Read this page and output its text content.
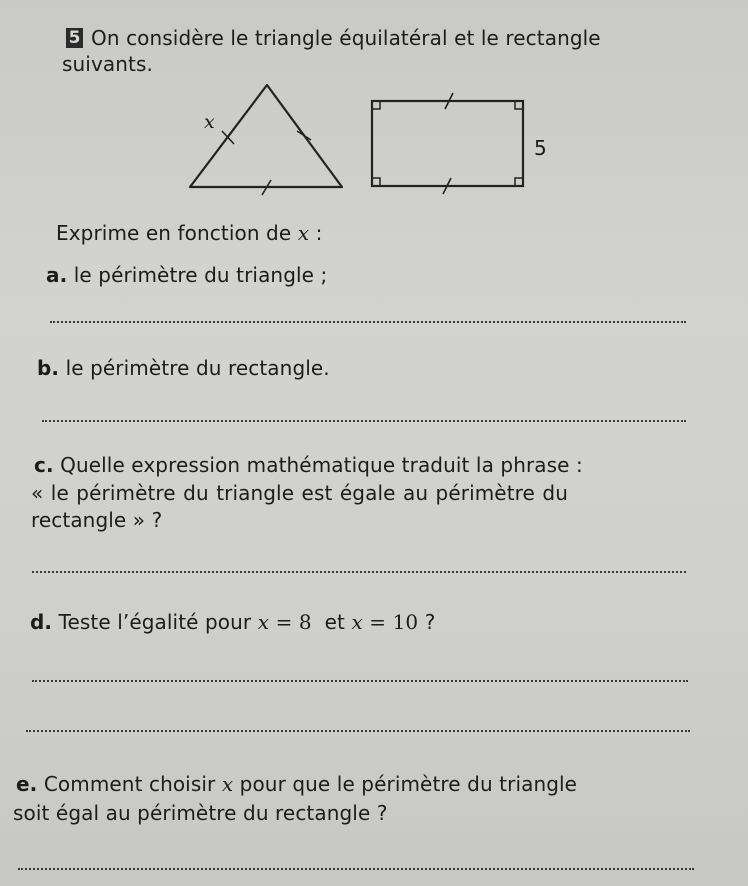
5 On considère le triangle équilatéral et le rectangle
suivants.
x
5
Exprime en fonction de x :
a. le périmètre du triangle ;
b. le périmètre du rectangle.
c. Quelle expression mathématique traduit la phrase :
« le périmètre du triangle est égale au périmètre du
rectangle » ?
d. Teste l’égalité pour x = 8  et x = 10 ?
e. Comment choisir x pour que le périmètre du triangle
soit égal au périmètre du rectangle ?
